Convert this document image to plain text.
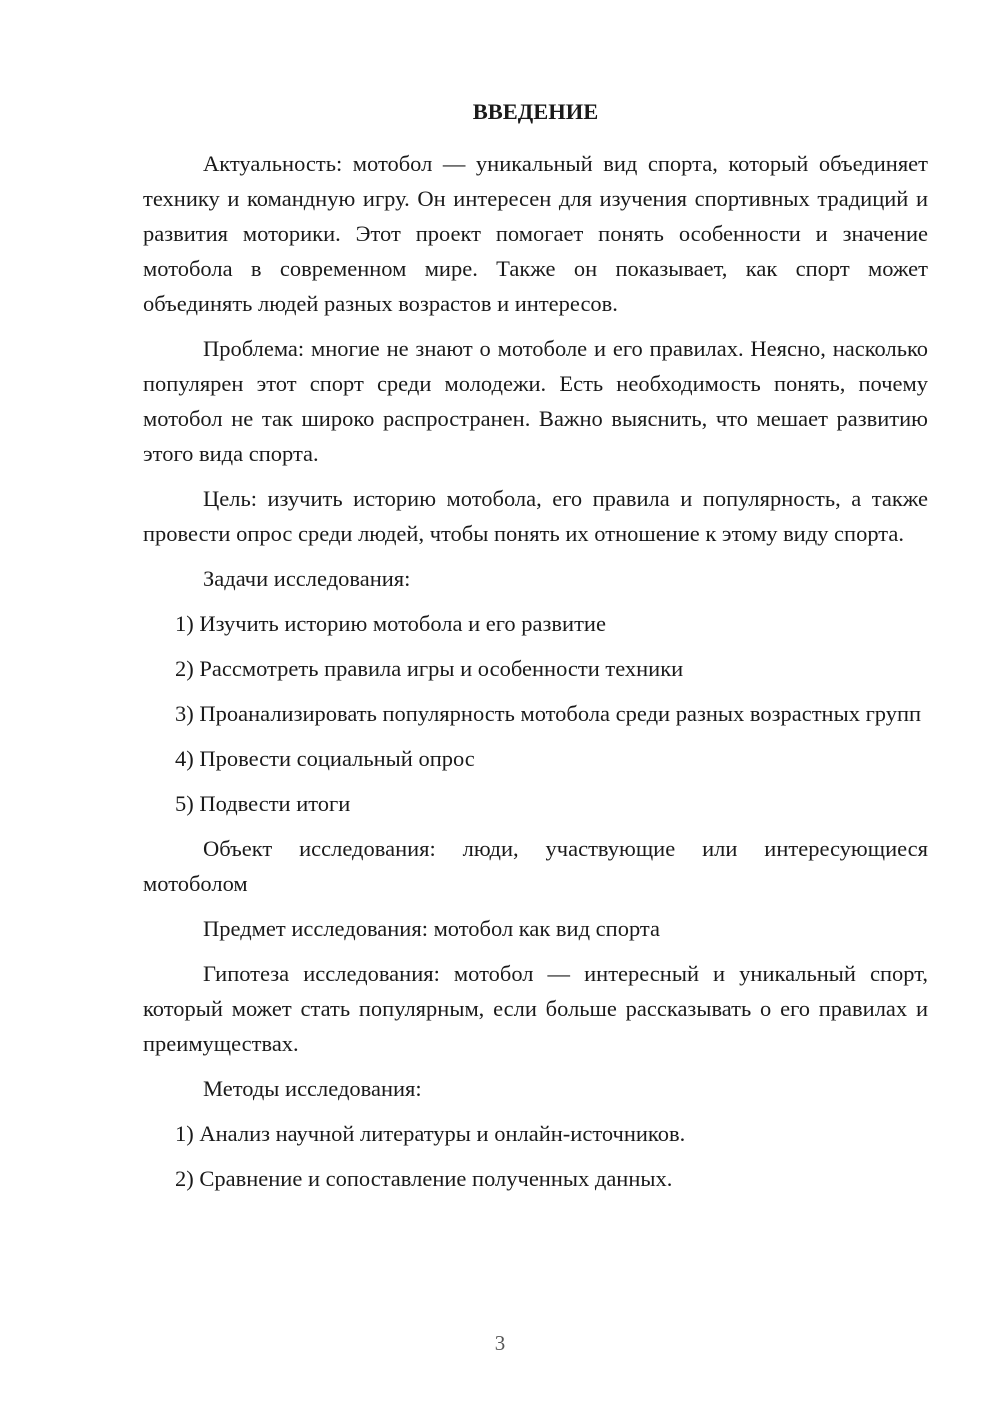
ВВЕДЕНИЕ

Актуальность: мотобол — уникальный вид спорта, который объединяет технику и командную игру. Он интересен для изучения спортивных традиций и развития моторики. Этот проект помогает понять особенности и значение мотобола в современном мире. Также он показывает, как спорт может объединять людей разных возрастов и интересов.

Проблема: многие не знают о мотоболе и его правилах. Неясно, насколько популярен этот спорт среди молодежи. Есть необходимость понять, почему мотобол не так широко распространен. Важно выяснить, что мешает развитию этого вида спорта.

Цель: изучить историю мотобола, его правила и популярность, а также провести опрос среди людей, чтобы понять их отношение к этому виду спорта.

Задачи исследования:

1) Изучить историю мотобола и его развитие

2) Рассмотреть правила игры и особенности техники

3) Проанализировать популярность мотобола среди разных возрастных групп

4) Провести социальный опрос

5) Подвести итоги

Объект исследования: люди, участвующие или интересующиеся мотоболом

Предмет исследования: мотобол как вид спорта

Гипотеза исследования: мотобол — интересный и уникальный спорт, который может стать популярным, если больше рассказывать о его правилах и преимуществах.

Методы исследования:

1) Анализ научной литературы и онлайн-источников.

2) Сравнение и сопоставление полученных данных.

3
